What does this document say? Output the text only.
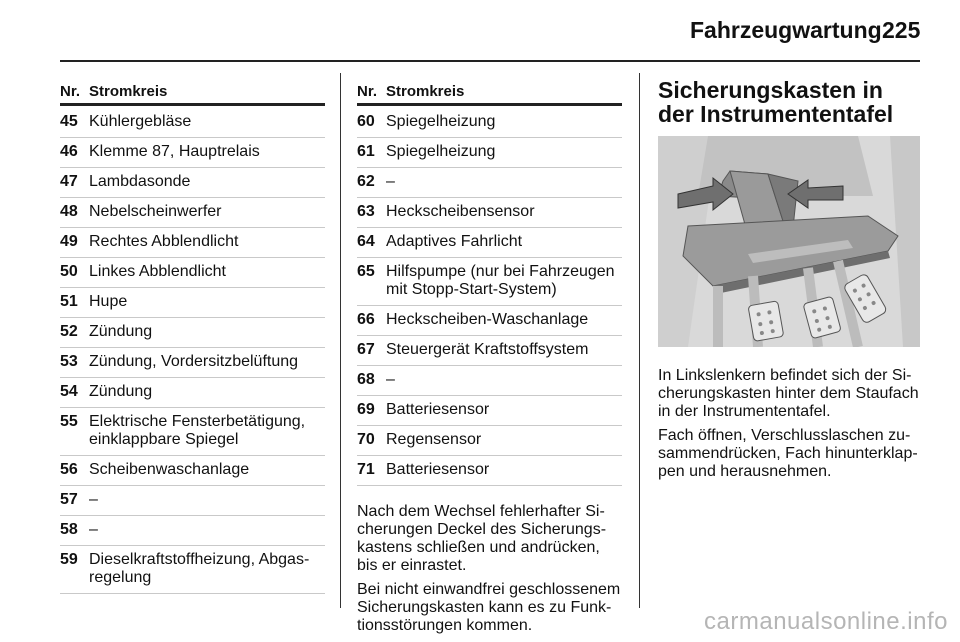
Fahrzeugwartung 225
Nr. Stromkreis
45 Kühlergebläse
46 Klemme 87, Hauptrelais
47 Lambdasonde
48 Nebelscheinwerfer
49 Rechtes Abblendlicht
50 Linkes Abblendlicht
51 Hupe
52 Zündung
53 Zündung, Vordersitzbelüftung
54 Zündung
55 Elektrische Fensterbetätigung, einklappbare Spiegel
56 Scheibenwaschanlage
57 –
58 –
59 Dieselkraftstoffheizung, Abgasregelung
Nr. Stromkreis
60 Spiegelheizung
61 Spiegelheizung
62 –
63 Heckscheibensensor
64 Adaptives Fahrlicht
65 Hilfspumpe (nur bei Fahrzeugen mit Stopp-Start-System)
66 Heckscheiben-Waschanlage
67 Steuergerät Kraftstoffsystem
68 –
69 Batteriesensor
70 Regensensor
71 Batteriesensor

Nach dem Wechsel fehlerhafter Sicherungen Deckel des Sicherungskastens schließen und andrücken, bis er einrastet.

Bei nicht einwandfrei geschlossenem Sicherungskasten kann es zu Funktionsstörungen kommen.

Sicherungskasten in der Instrumententafel

In Linkslenkern befindet sich der Sicherungskasten hinter dem Staufach in der Instrumententafel.

Fach öffnen, Verschlusslaschen zusammendrücken, Fach hinunterklappen und herausnehmen.

carmanualsonline.info
